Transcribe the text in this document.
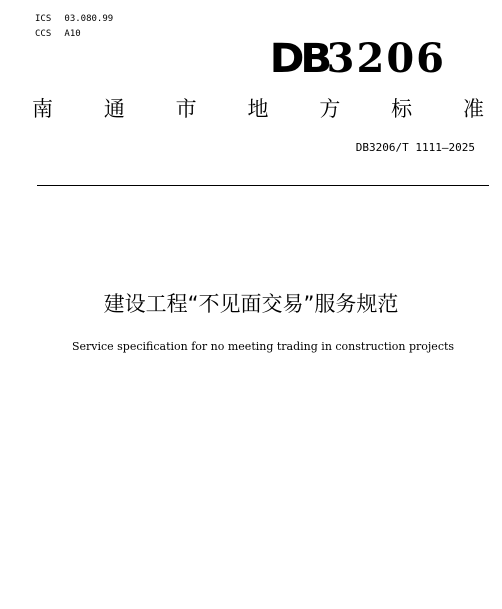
ICS 03.080.99
CCS A10
DB3206
南 通 市 地 方 标 准
DB3206/T 1111—2025
建设工程“不见面交易”服务规范
Service specification for no meeting trading in construction projects
